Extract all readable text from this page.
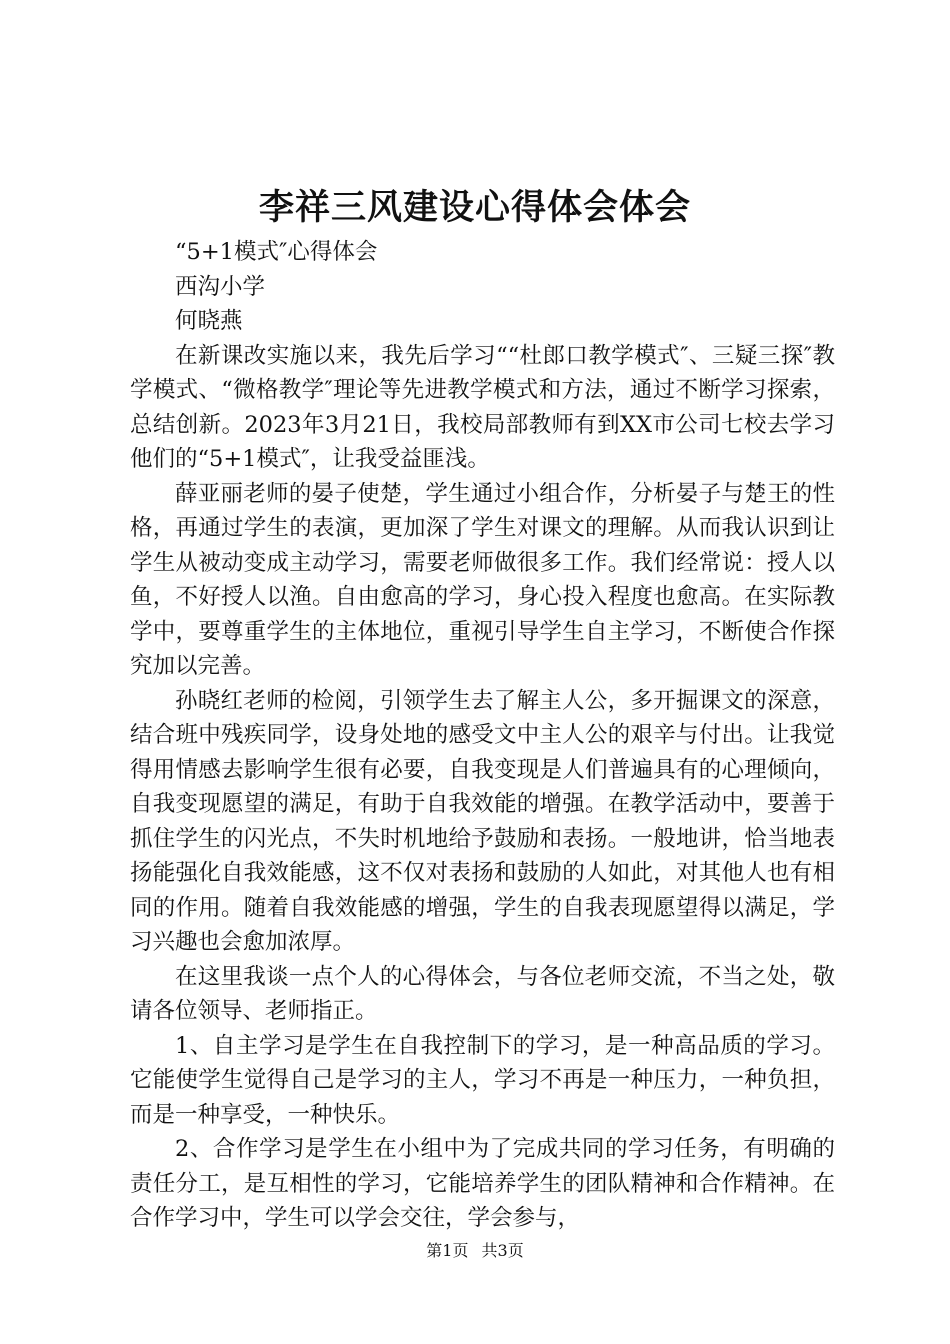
李祥三风建设心得体会体会

“5+1模式″心得体会

西沟小学

何晓燕

在新课改实施以来，我先后学习““杜郎口教学模式″、三疑三探″教学模式、“微格教学″理论等先进教学模式和方法，通过不断学习探索，总结创新。2023年3月21日，我校局部教师有到XX市公司七校去学习他们的“5+1模式″，让我受益匪浅。

薛亚丽老师的晏子使楚，学生通过小组合作，分析晏子与楚王的性格，再通过学生的表演，更加深了学生对课文的理解。从而我认识到让学生从被动变成主动学习，需要老师做很多工作。我们经常说：授人以鱼，不好授人以渔。自由愈高的学习，身心投入程度也愈高。在实际教学中，要尊重学生的主体地位，重视引导学生自主学习，不断使合作探究加以完善。

孙晓红老师的检阅，引领学生去了解主人公，多开掘课文的深意，结合班中残疾同学，设身处地的感受文中主人公的艰辛与付出。让我觉得用情感去影响学生很有必要，自我变现是人们普遍具有的心理倾向，自我变现愿望的满足，有助于自我效能的增强。在教学活动中，要善于抓住学生的闪光点，不失时机地给予鼓励和表扬。一般地讲，恰当地表扬能强化自我效能感，这不仅对表扬和鼓励的人如此，对其他人也有相同的作用。随着自我效能感的增强，学生的自我表现愿望得以满足，学习兴趣也会愈加浓厚。

在这里我谈一点个人的心得体会，与各位老师交流，不当之处，敬请各位领导、老师指正。

1、自主学习是学生在自我控制下的学习，是一种高品质的学习。它能使学生觉得自己是学习的主人，学习不再是一种压力，一种负担，而是一种享受，一种快乐。

2、合作学习是学生在小组中为了完成共同的学习任务，有明确的责任分工，是互相性的学习，它能培养学生的团队精神和合作精神。在合作学习中，学生可以学会交往，学会参与，

第1页 共3页
